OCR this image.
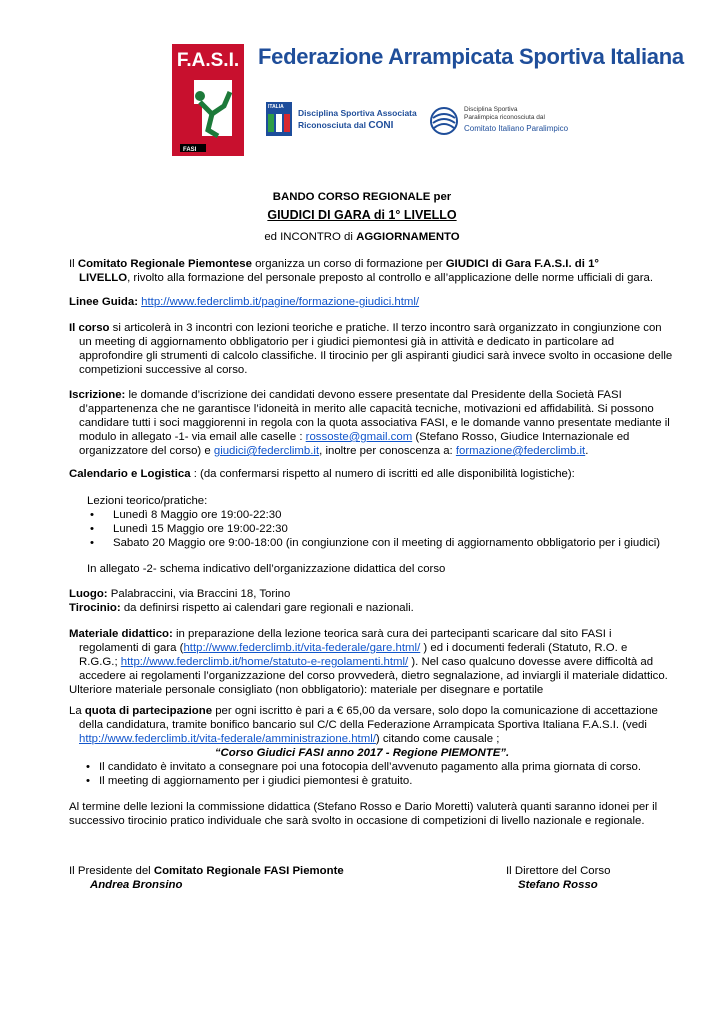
F.A.S.I.
FASI
Federazione Arrampicata Sportiva Italiana
ITALIA
Disciplina Sportiva Associata
Riconosciuta dal CONI
Disciplina Sportiva
Paralimpica riconosciuta dal
Comitato Italiano Paralimpico
BANDO CORSO REGIONALE per
GIUDICI DI GARA di 1° LIVELLO
ed INCONTRO di AGGIORNAMENTO
Il Comitato Regionale Piemontese organizza un corso di formazione per GIUDICI di Gara F.A.S.I. di 1°
LIVELLO, rivolto alla formazione del personale preposto al controllo e all’applicazione delle norme ufficiali di gara.
Linee Guida: http://www.federclimb.it/pagine/formazione-giudici.html/
Il corso si articolerà in 3 incontri con lezioni teoriche e pratiche. Il terzo incontro sarà organizzato in congiunzione con
un meeting di aggiornamento obbligatorio per i giudici piemontesi già in attività e dedicato in particolare ad
approfondire gli strumenti di calcolo classifiche. Il tirocinio per gli aspiranti giudici sarà invece svolto in occasione delle
competizioni successive al corso.
Iscrizione: le domande d’iscrizione dei candidati devono essere presentate dal Presidente della Società FASI
d’appartenenza che ne garantisce l’idoneità in merito alle capacità tecniche, motivazioni ed affidabilità. Si possono
candidare tutti i soci maggiorenni in regola con la quota associativa FASI, e le domande vanno presentate mediante il
modulo in allegato -1- via email alle caselle : rossoste@gmail.com (Stefano Rosso, Giudice Internazionale ed
organizzatore del corso) e giudici@federclimb.it, inoltre per conoscenza a: formazione@federclimb.it.
Calendario e Logistica : (da confermarsi rispetto al numero di iscritti ed alle disponibilità logistiche):
Lezioni teorico/pratiche:
• Lunedì 8 Maggio ore 19:00-22:30
• Lunedì 15 Maggio ore 19:00-22:30
• Sabato 20 Maggio ore 9:00-18:00 (in congiunzione con il meeting di aggiornamento obbligatorio per i giudici)
In allegato -2- schema indicativo dell’organizzazione didattica del corso
Luogo: Palabraccini, via Braccini 18, Torino
Tirocinio: da definirsi rispetto ai calendari gare regionali e nazionali.
Materiale didattico: in preparazione della lezione teorica sarà cura dei partecipanti scaricare dal sito FASI i
regolamenti di gara (http://www.federclimb.it/vita-federale/gare.html/ ) ed i documenti federali (Statuto, R.O. e
R.G.G.; http://www.federclimb.it/home/statuto-e-regolamenti.html/ ). Nel caso qualcuno dovesse avere difficoltà ad
accedere ai regolamenti l’organizzazione del corso provvederà, dietro segnalazione, ad inviargli il materiale didattico.
Ulteriore materiale personale consigliato (non obbligatorio): materiale per disegnare e portatile
La quota di partecipazione per ogni iscritto è pari a € 65,00 da versare, solo dopo la comunicazione di accettazione
della candidatura, tramite bonifico bancario sul C/C della Federazione Arrampicata Sportiva Italiana F.A.S.I. (vedi
http://www.federclimb.it/vita-federale/amministrazione.html/) citando come causale ;
“Corso Giudici FASI anno 2017 - Regione PIEMONTE”.
• Il candidato è invitato a consegnare poi una fotocopia dell’avvenuto pagamento alla prima giornata di corso.
• Il meeting di aggiornamento per i giudici piemontesi è gratuito.
Al termine delle lezioni la commissione didattica (Stefano Rosso e Dario Moretti) valuterà quanti saranno idonei per il
successivo tirocinio pratico individuale che sarà svolto in occasione di competizioni di livello nazionale e regionale.
Il Presidente del Comitato Regionale FASI Piemonte
Andrea Bronsino
Il Direttore del Corso
Stefano Rosso
